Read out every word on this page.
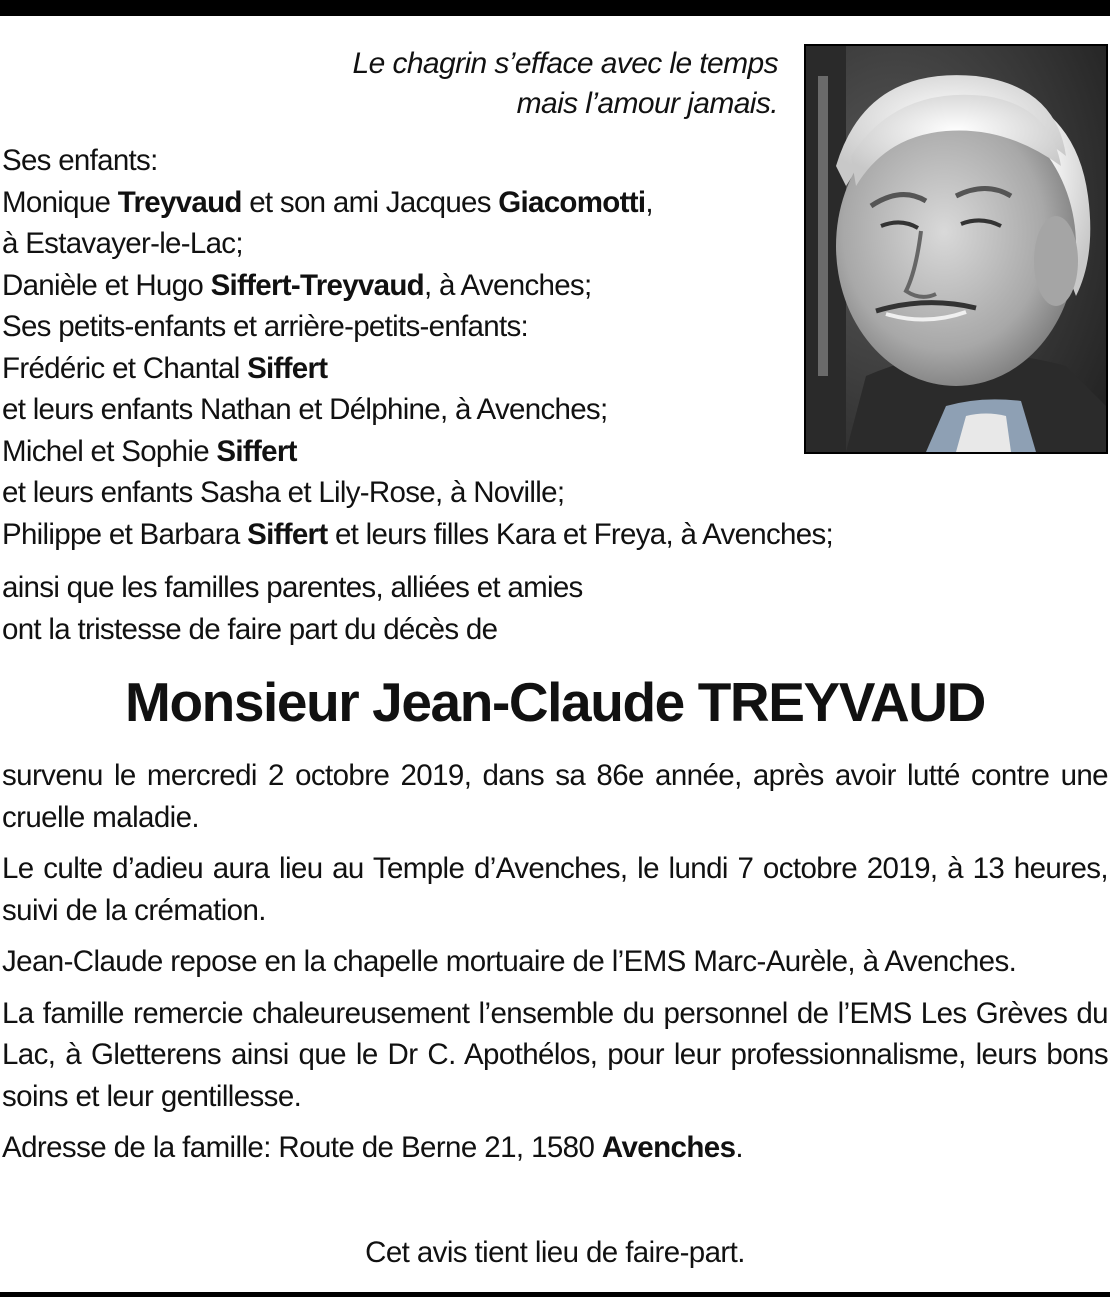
Le chagrin s’efface avec le temps
mais l’amour jamais.
Ses enfants:
Monique Treyvaud et son ami Jacques Giacomotti,
à Estavayer-le-Lac;
Danièle et Hugo Siffert-Treyvaud, à Avenches;
Ses petits-enfants et arrière-petits-enfants:
Frédéric et Chantal Siffert
et leurs enfants Nathan et Délphine, à Avenches;
Michel et Sophie Siffert
et leurs enfants Sasha et Lily-Rose, à Noville;
Philippe et Barbara Siffert et leurs filles Kara et Freya, à Avenches;
ainsi que les familles parentes, alliées et amies
ont la tristesse de faire part du décès de
Monsieur Jean-Claude TREYVAUD

survenu le mercredi 2 octobre 2019, dans sa 86e année, après avoir lutté contre une cruelle maladie.

Le culte d’adieu aura lieu au Temple d’Avenches, le lundi 7 octobre 2019, à 13 heures, suivi de la crémation.

Jean-Claude repose en la chapelle mortuaire de l’EMS Marc-Aurèle, à Avenches.

La famille remercie chaleureusement l’ensemble du personnel de l’EMS Les Grèves du Lac, à Gletterens ainsi que le Dr C. Apothélos, pour leur professionnalisme, leurs bons soins et leur gentillesse.

Adresse de la famille: Route de Berne 21, 1580 Avenches.

Cet avis tient lieu de faire-part.
